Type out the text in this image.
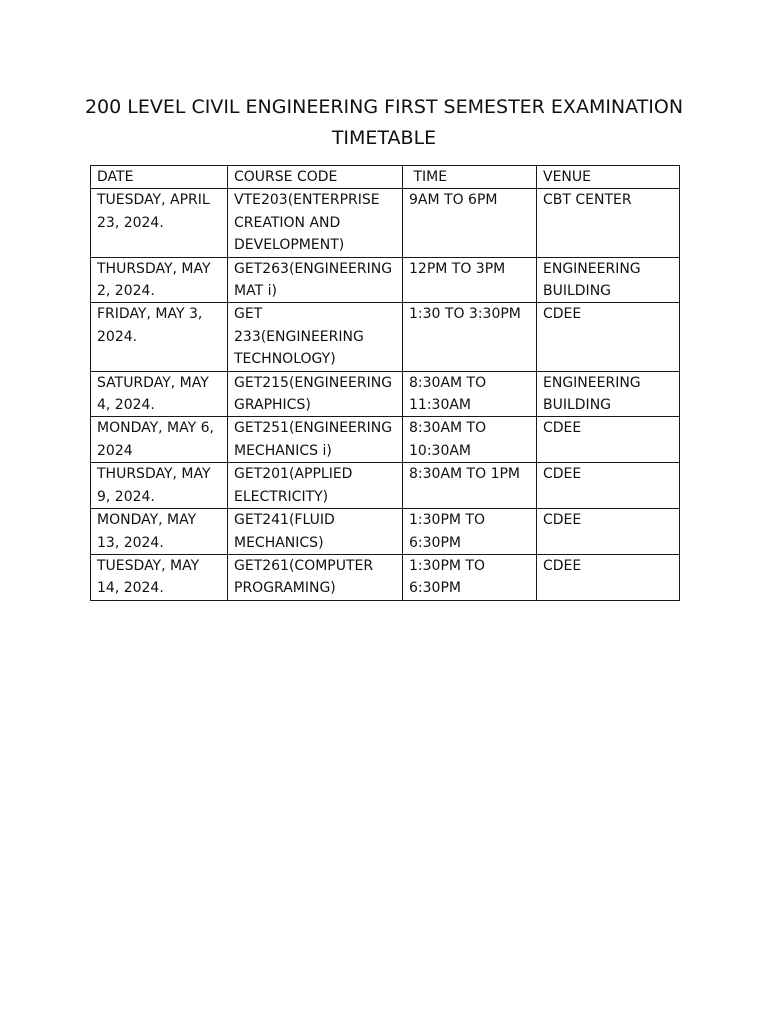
200 LEVEL CIVIL ENGINEERING FIRST SEMESTER EXAMINATION TIMETABLE
DATE	COURSE CODE	TIME	VENUE
TUESDAY, APRIL 23, 2024.	VTE203(ENTERPRISE CREATION AND DEVELOPMENT)	9AM TO 6PM	CBT CENTER
THURSDAY, MAY 2, 2024.	GET263(ENGINEERING MAT i)	12PM TO 3PM	ENGINEERING BUILDING
FRIDAY, MAY 3, 2024.	GET 233(ENGINEERING TECHNOLOGY)	1:30 TO 3:30PM	CDEE
SATURDAY, MAY 4, 2024.	GET215(ENGINEERING GRAPHICS)	8:30AM TO 11:30AM	ENGINEERING BUILDING
MONDAY, MAY 6, 2024	GET251(ENGINEERING MECHANICS i)	8:30AM TO 10:30AM	CDEE
THURSDAY, MAY 9, 2024.	GET201(APPLIED ELECTRICITY)	8:30AM TO 1PM	CDEE
MONDAY, MAY 13, 2024.	GET241(FLUID MECHANICS)	1:30PM TO 6:30PM	CDEE
TUESDAY, MAY 14, 2024.	GET261(COMPUTER PROGRAMING)	1:30PM TO 6:30PM	CDEE
